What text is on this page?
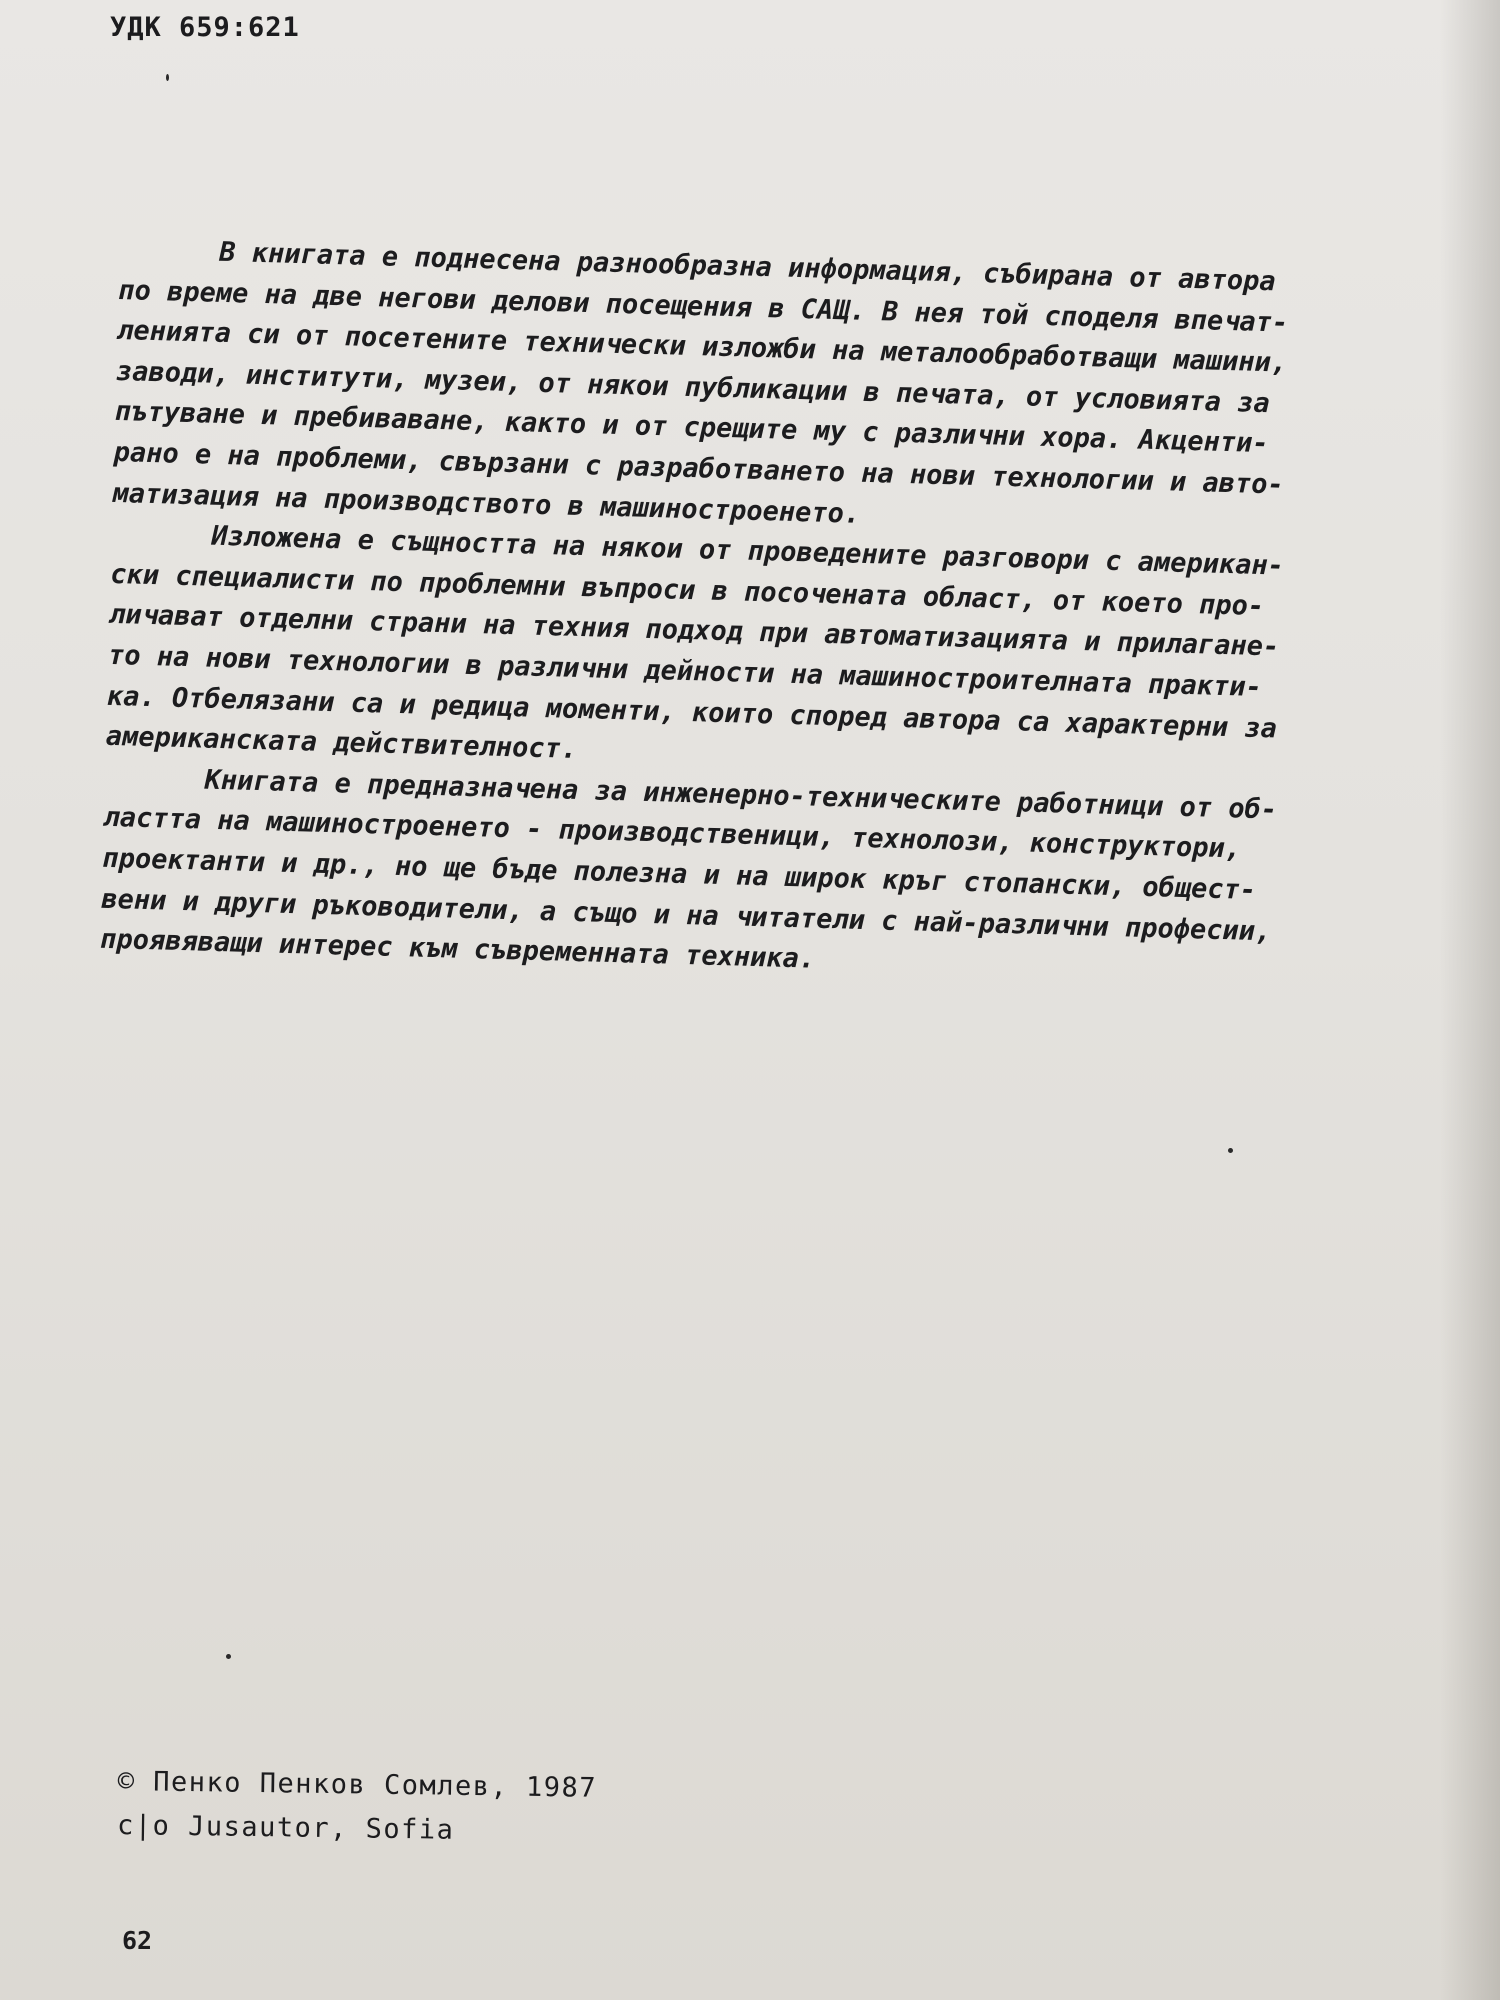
УДК 659:621

В книгата е поднесена разнообразна информация, събирана от автора
по време на две негови делови посещения в САЩ. В нея той споделя впечат-
ленията си от посетените технически изложби на металообработващи машини,
заводи, институти, музеи, от някои публикации в печата, от условията за
пътуване и пребиваване, както и от срещите му с различни хора. Акценти-
рано е на проблеми, свързани с разработването на нови технологии и авто-
матизация на производството в машиностроенето.

Изложена е същността на някои от проведените разговори с американ-
ски специалисти по проблемни въпроси в посочената област, от което про-
личават отделни страни на техния подход при автоматизацията и прилагане-
то на нови технологии в различни дейности на машиностроителната практи-
ка. Отбелязани са и редица моменти, които според автора са характерни за
американската действителност.

Книгата е предназначена за инженерно-техническите работници от об-
ластта на машиностроенето - производственици, технолози, конструктори,
проектанти и др., но ще бъде полезна и на широк кръг стопански, общест-
вени и други ръководители, а също и на читатели с най-различни професии,
проявяващи интерес към съвременната техника.

© Пенко Пенков Сомлев, 1987
c|o Jusautor, Sofia
62
